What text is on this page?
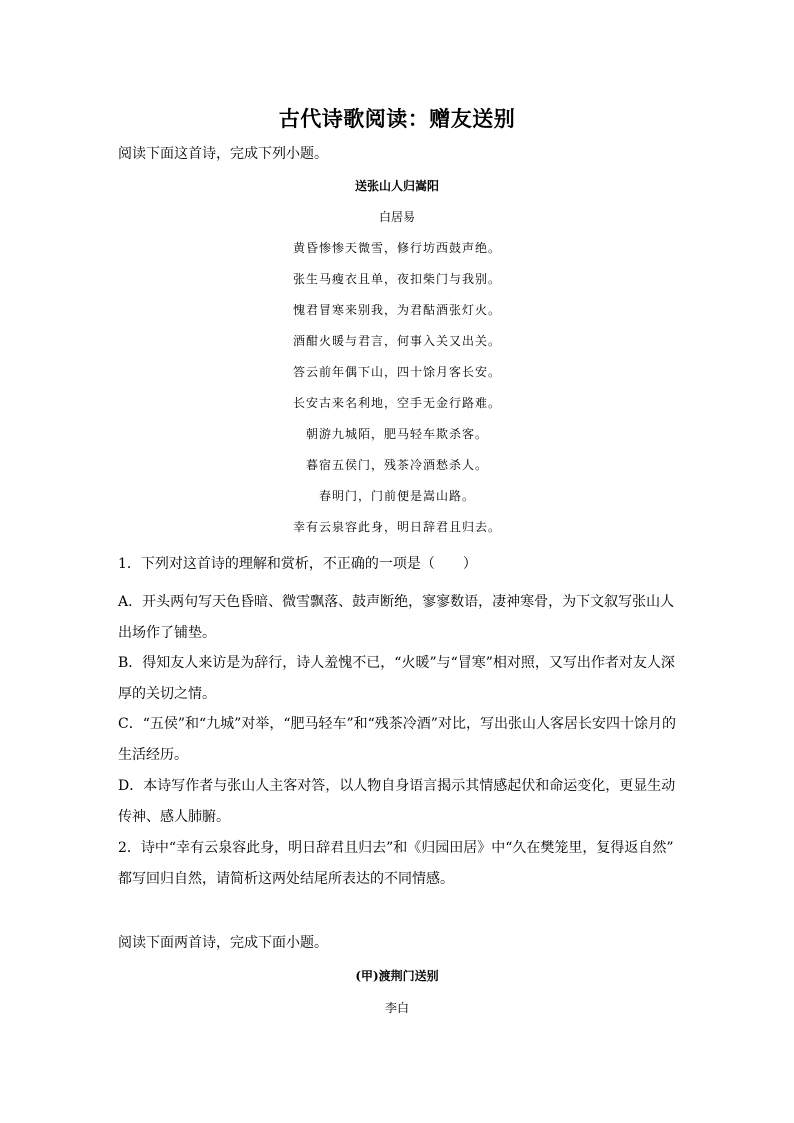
古代诗歌阅读：赠友送别
阅读下面这首诗，完成下列小题。
送张山人归嵩阳
白居易
黄昏惨惨天微雪，修行坊西鼓声绝。
张生马瘦衣且单，夜扣柴门与我别。
愧君冒寒来别我，为君酤酒张灯火。
酒酣火暖与君言，何事入关又出关。
答云前年偶下山，四十馀月客长安。
长安古来名利地，空手无金行路难。
朝游九城陌，肥马轻车欺杀客。
暮宿五侯门，残茶冷酒愁杀人。
春明门，门前便是嵩山路。
幸有云泉容此身，明日辞君且归去。
1．下列对这首诗的理解和赏析，不正确的一项是（　　）
A．开头两句写天色昏暗、微雪飘落、鼓声断绝，寥寥数语，凄神寒骨，为下文叙写张山人
出场作了铺垫。
B．得知友人来访是为辞行，诗人羞愧不已，“火暖”与“冒寒”相对照，又写出作者对友人深
厚的关切之情。
C．“五侯”和“九城”对举，“肥马轻车”和“残茶冷酒”对比，写出张山人客居长安四十馀月的
生活经历。
D．本诗写作者与张山人主客对答，以人物自身语言揭示其情感起伏和命运变化，更显生动
传神、感人肺腑。
2．诗中“幸有云泉容此身，明日辞君且归去”和《归园田居》中“久在樊笼里，复得返自然”
都写回归自然，请简析这两处结尾所表达的不同情感。
阅读下面两首诗，完成下面小题。
(甲)渡荆门送别
李白
